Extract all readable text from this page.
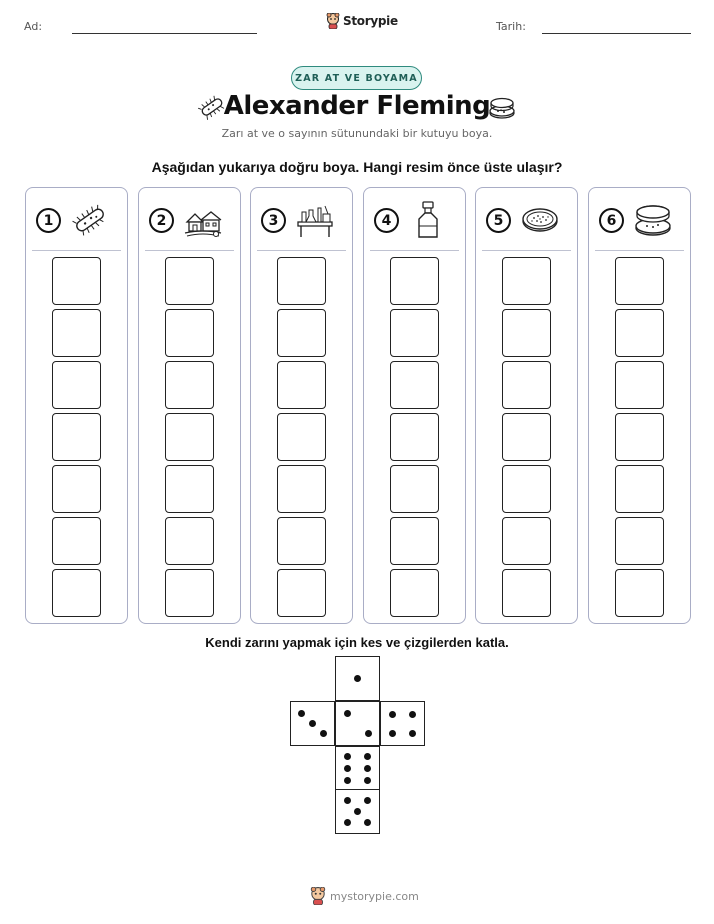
Ad:	Storypie	Tarih:
ZAR AT VE BOYAMA
Alexander Fleming
Zarı at ve o sayının sütunundaki bir kutuyu boya.
Aşağıdan yukarıya doğru boya. Hangi resim önce üste ulaşır?
1	2	3	4	5	6
Kendi zarını yapmak için kes ve çizgilerden katla.
mystorypie.com
